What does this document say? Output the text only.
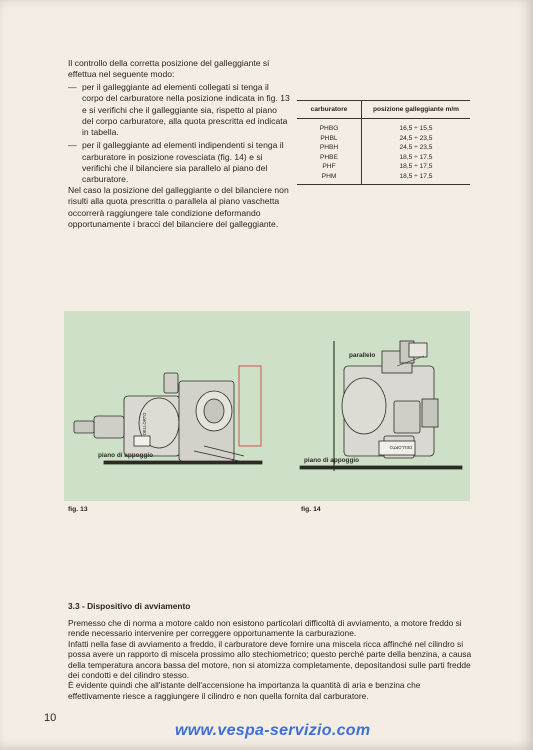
Il controllo della corretta posizione del galleggiante si effettua nel seguente modo:

— per il galleggiante ad elementi collegati si tenga il corpo del carburatore nella posizione indicata in fig. 13 e si verifichi che il galleggiante sia, rispetto al piano del corpo carburatore, alla quota prescritta ed indicata in tabella.
— per il galleggiante ad elementi indipendenti si tenga il carburatore in posizione rovesciata (fig. 14) e si verifichi che il bilanciere sia parallelo al piano del carburatore.

Nel caso la posizione del galleggiante o del bilanciere non risulti alla quota prescritta o parallela al piano vaschetta occorrerà raggiungere tale condizione deformando opportunamente i bracci del bilanciere del galleggiante.

carburatore	posizione galleggiante m/m
PHBG	16,5 ÷ 15,5
PHBL	24,5 ÷ 23,5
PHBH	24,5 ÷ 23,5
PHBE	18,5 ÷ 17,5
PHF	18,5 ÷ 17,5
PHM	18,5 ÷ 17,5
DELLORTO
piano di appoggio
parallelo
piano di appoggio
DELLORTO
fig. 13	fig. 14
3.3 - Dispositivo di avviamento

Premesso che di norma a motore caldo non esistono particolari difficoltà di avviamento, a motore freddo si rende necessario intervenire per correggere opportunamente la carburazione.

Infatti nella fase di avviamento a freddo, il carburatore deve fornire una miscela ricca affinché nel cilindro si possa avere un rapporto di miscela prossimo allo stechiometrico; questo perché parte della benzina, a causa della temperatura ancora bassa del motore, non si atomizza completamente, depositandosi sulle parti fredde dei condotti e del cilindro stesso.

È evidente quindi che all'istante dell'accensione ha importanza la quantità di aria e benzina che effettivamente riesce a raggiungere il cilindro e non quella fornita dal carburatore.

10
www.vespa-servizio.com
